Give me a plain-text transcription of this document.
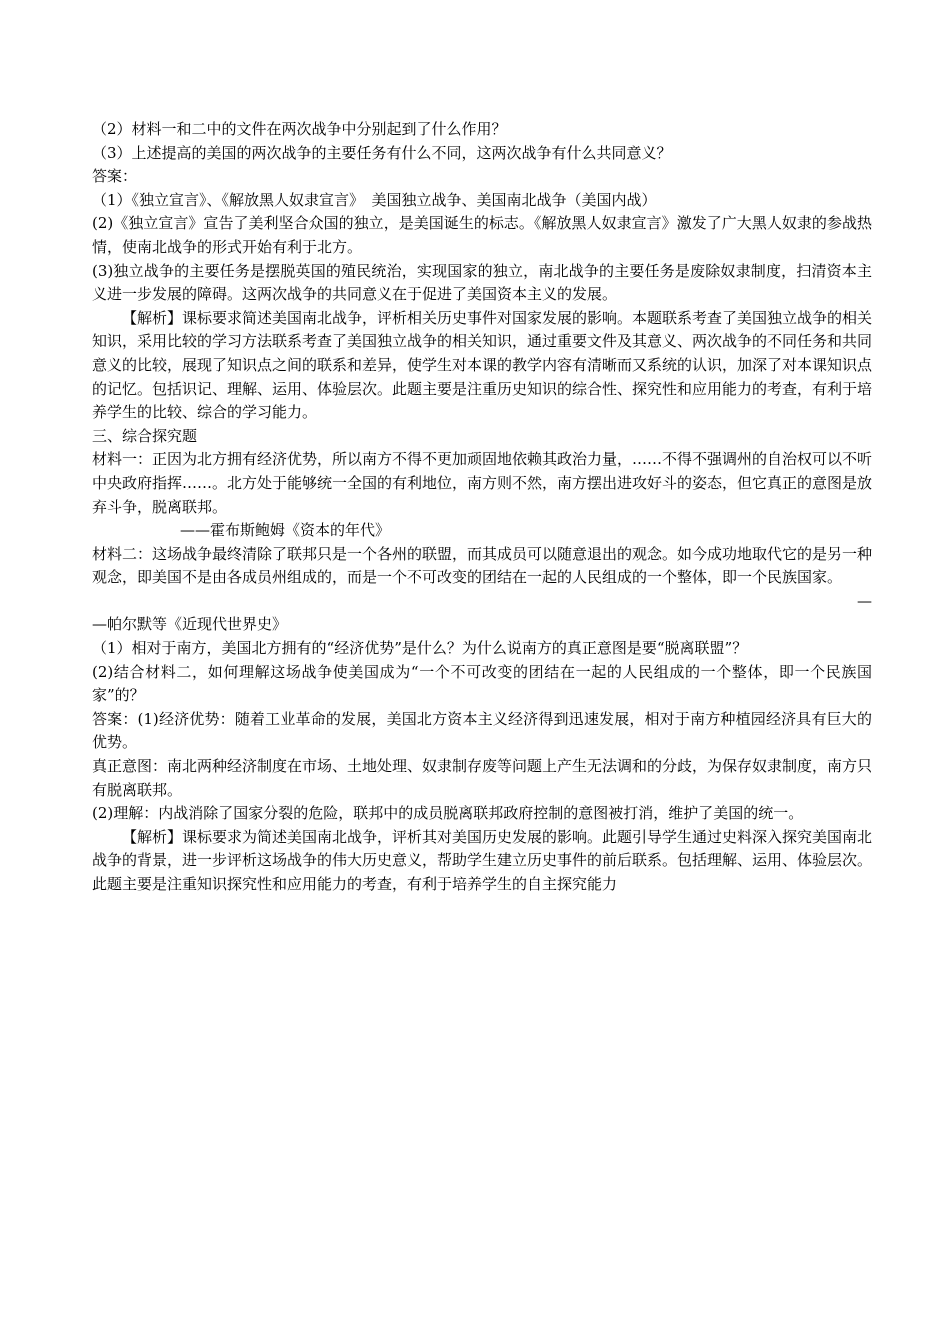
（2）材料一和二中的文件在两次战争中分别起到了什么作用？
（3）上述提高的美国的两次战争的主要任务有什么不同，这两次战争有什么共同意义？
答案：
（1）《独立宣言》、《解放黑人奴隶宣言》　美国独立战争、美国南北战争（美国内战）
(2)《独立宣言》宣告了美利坚合众国的独立，是美国诞生的标志。《解放黑人奴隶宣言》激发了广大黑人奴隶的参战热情，使南北战争的形式开始有利于北方。
(3)独立战争的主要任务是摆脱英国的殖民统治，实现国家的独立，南北战争的主要任务是废除奴隶制度，扫清资本主义进一步发展的障碍。这两次战争的共同意义在于促进了美国资本主义的发展。
【解析】课标要求简述美国南北战争，评析相关历史事件对国家发展的影响。本题联系考查了美国独立战争的相关知识，采用比较的学习方法联系考查了美国独立战争的相关知识，通过重要文件及其意义、两次战争的不同任务和共同意义的比较，展现了知识点之间的联系和差异，使学生对本课的教学内容有清晰而又系统的认识，加深了对本课知识点的记忆。包括识记、理解、运用、体验层次。此题主要是注重历史知识的综合性、探究性和应用能力的考查，有利于培养学生的比较、综合的学习能力。
三、综合探究题
材料一：正因为北方拥有经济优势，所以南方不得不更加顽固地依赖其政治力量，……不得不强调州的自治权可以不听中央政府指挥……。北方处于能够统一全国的有利地位，南方则不然，南方摆出进攻好斗的姿态，但它真正的意图是放弃斗争，脱离联邦。
——霍布斯鲍姆《资本的年代》
材料二：这场战争最终清除了联邦只是一个各州的联盟，而其成员可以随意退出的观念。如今成功地取代它的是另一种观念，即美国不是由各成员州组成的，而是一个不可改变的团结在一起的人民组成的一个整体，即一个民族国家。
—
—帕尔默等《近现代世界史》
（1）相对于南方，美国北方拥有的“经济优势”是什么？为什么说南方的真正意图是要“脱离联盟”？
(2)结合材料二，如何理解这场战争使美国成为“一个不可改变的团结在一起的人民组成的一个整体，即一个民族国家”的？
答案：(1)经济优势：随着工业革命的发展，美国北方资本主义经济得到迅速发展，相对于南方种植园经济具有巨大的优势。
真正意图：南北两种经济制度在市场、土地处理、奴隶制存废等问题上产生无法调和的分歧，为保存奴隶制度，南方只有脱离联邦。
(2)理解：内战消除了国家分裂的危险，联邦中的成员脱离联邦政府控制的意图被打消，维护了美国的统一。
【解析】课标要求为简述美国南北战争，评析其对美国历史发展的影响。此题引导学生通过史料深入探究美国南北战争的背景，进一步评析这场战争的伟大历史意义，帮助学生建立历史事件的前后联系。包括理解、运用、体验层次。此题主要是注重知识探究性和应用能力的考查，有利于培养学生的自主探究能力
